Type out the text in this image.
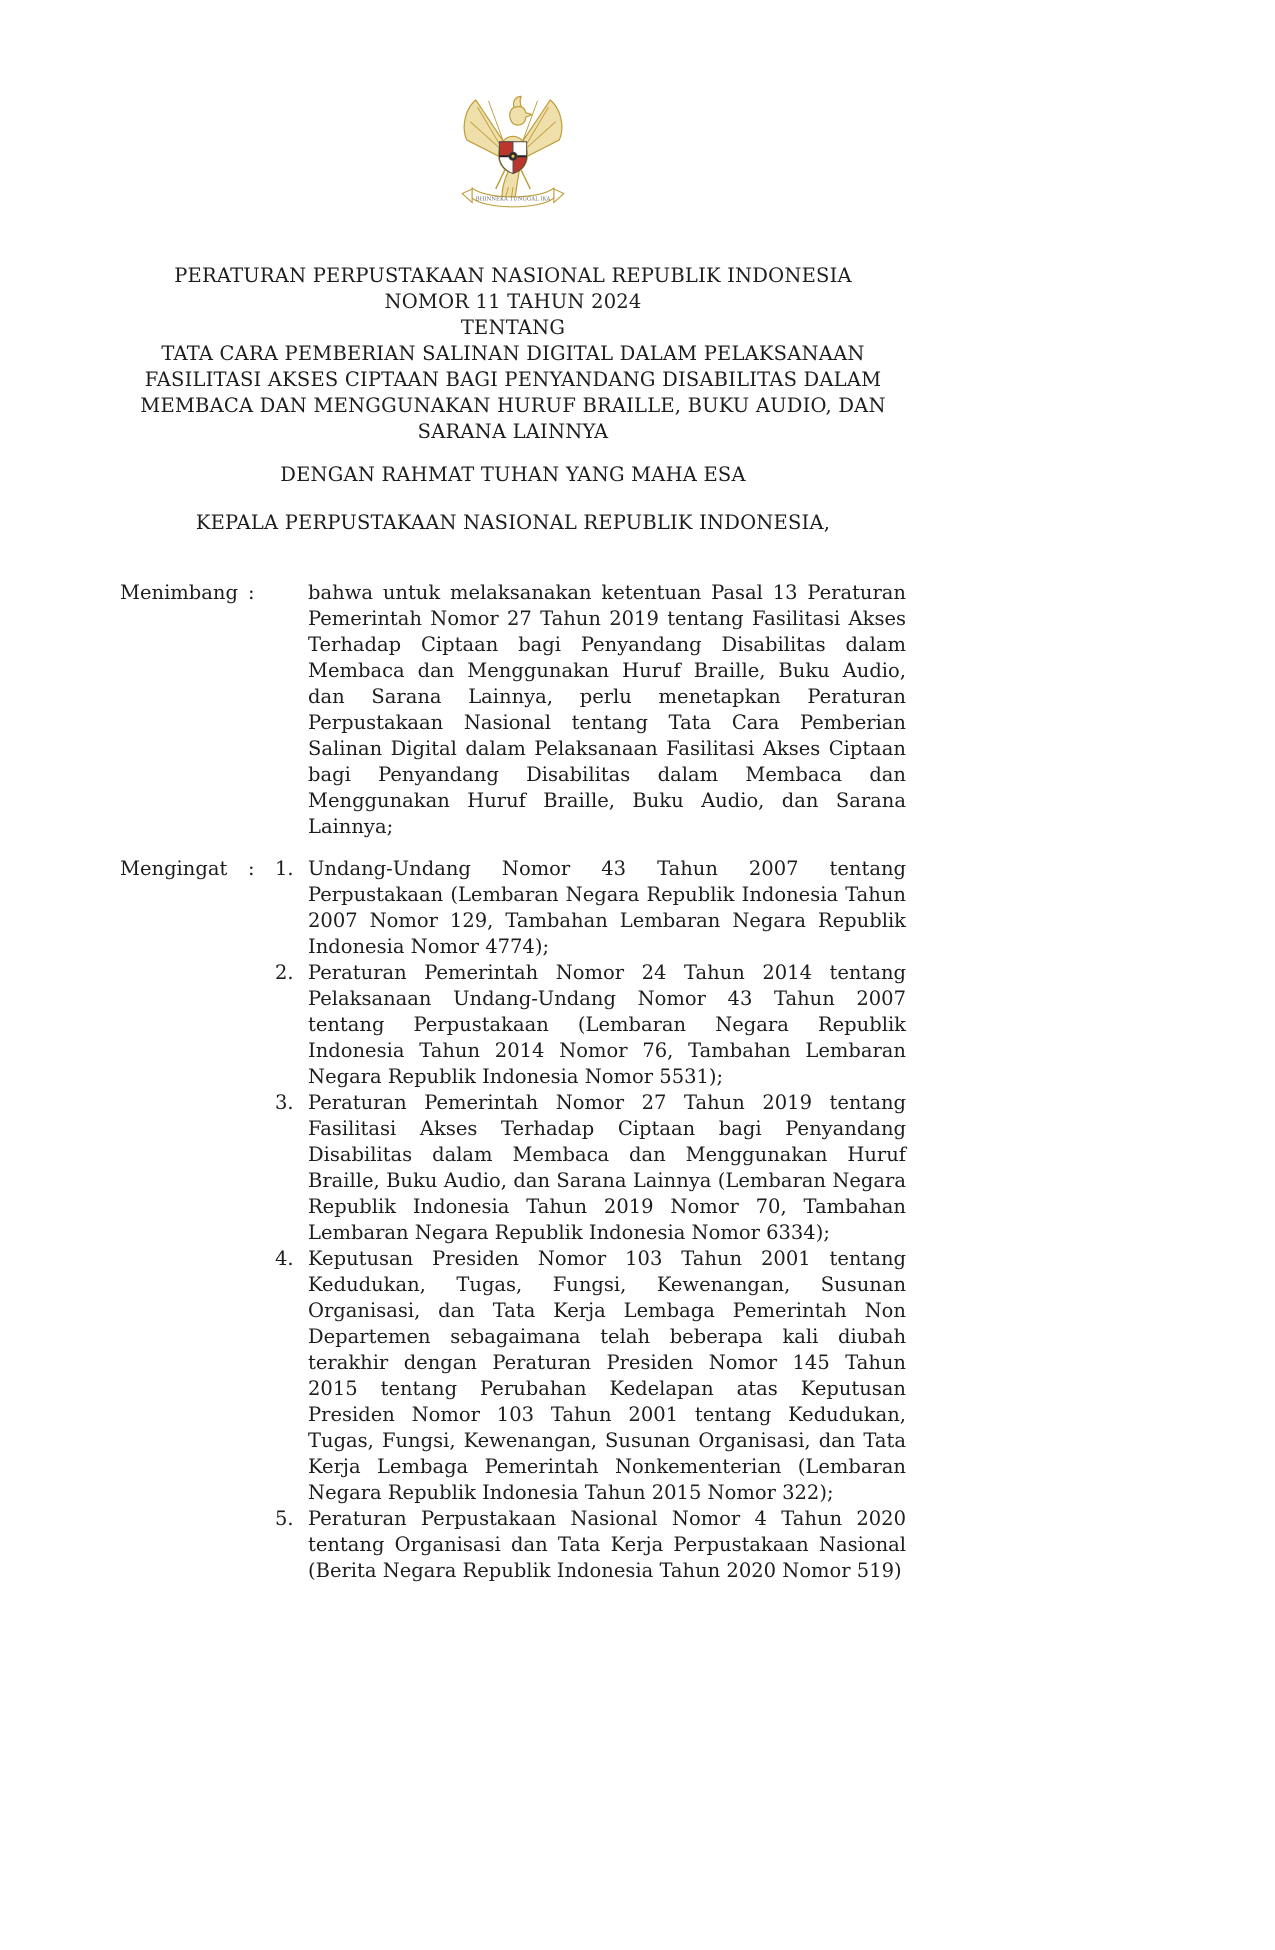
BHINNEKA TUNGGAL IKA
PERATURAN PERPUSTAKAAN NASIONAL REPUBLIK INDONESIA
NOMOR 11 TAHUN 2024
TENTANG
TATA CARA PEMBERIAN SALINAN DIGITAL DALAM PELAKSANAAN FASILITASI AKSES CIPTAAN BAGI PENYANDANG DISABILITAS DALAM MEMBACA DAN MENGGUNAKAN HURUF BRAILLE, BUKU AUDIO, DAN SARANA LAINNYA
DENGAN RAHMAT TUHAN YANG MAHA ESA
KEPALA PERPUSTAKAAN NASIONAL REPUBLIK INDONESIA,
Menimbang :	bahwa untuk melaksanakan ketentuan Pasal 13 Peraturan Pemerintah Nomor 27 Tahun 2019 tentang Fasilitasi Akses Terhadap Ciptaan bagi Penyandang Disabilitas dalam Membaca dan Menggunakan Huruf Braille, Buku Audio, dan Sarana Lainnya, perlu menetapkan Peraturan Perpustakaan Nasional tentang Tata Cara Pemberian Salinan Digital dalam Pelaksanaan Fasilitasi Akses Ciptaan bagi Penyandang Disabilitas dalam Membaca dan Menggunakan Huruf Braille, Buku Audio, dan Sarana Lainnya;
Mengingat : 1. Undang-Undang Nomor 43 Tahun 2007 tentang Perpustakaan (Lembaran Negara Republik Indonesia Tahun 2007 Nomor 129, Tambahan Lembaran Negara Republik Indonesia Nomor 4774);
2. Peraturan Pemerintah Nomor 24 Tahun 2014 tentang Pelaksanaan Undang-Undang Nomor 43 Tahun 2007 tentang Perpustakaan (Lembaran Negara Republik Indonesia Tahun 2014 Nomor 76, Tambahan Lembaran Negara Republik Indonesia Nomor 5531);
3. Peraturan Pemerintah Nomor 27 Tahun 2019 tentang Fasilitasi Akses Terhadap Ciptaan bagi Penyandang Disabilitas dalam Membaca dan Menggunakan Huruf Braille, Buku Audio, dan Sarana Lainnya (Lembaran Negara Republik Indonesia Tahun 2019 Nomor 70, Tambahan Lembaran Negara Republik Indonesia Nomor 6334);
4. Keputusan Presiden Nomor 103 Tahun 2001 tentang Kedudukan, Tugas, Fungsi, Kewenangan, Susunan Organisasi, dan Tata Kerja Lembaga Pemerintah Non Departemen sebagaimana telah beberapa kali diubah terakhir dengan Peraturan Presiden Nomor 145 Tahun 2015 tentang Perubahan Kedelapan atas Keputusan Presiden Nomor 103 Tahun 2001 tentang Kedudukan, Tugas, Fungsi, Kewenangan, Susunan Organisasi, dan Tata Kerja Lembaga Pemerintah Nonkementerian (Lembaran Negara Republik Indonesia Tahun 2015 Nomor 322);
5. Peraturan Perpustakaan Nasional Nomor 4 Tahun 2020 tentang Organisasi dan Tata Kerja Perpustakaan Nasional (Berita Negara Republik Indonesia Tahun 2020 Nomor 519)
